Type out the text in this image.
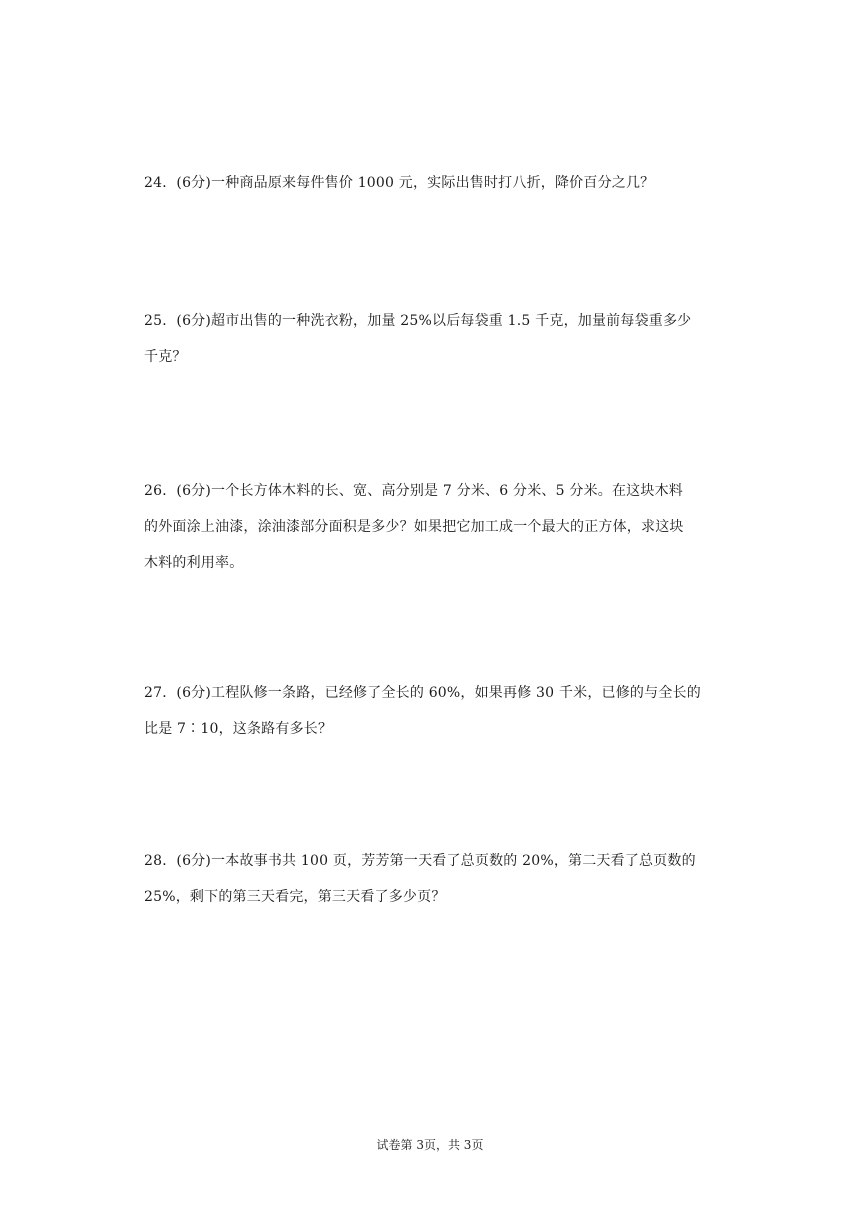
24．(6分)一种商品原来每件售价 1000 元，实际出售时打八折，降价百分之几？
25．(6分)超市出售的一种洗衣粉，加量 25%以后每袋重 1.5 千克，加量前每袋重多少
千克？
26．(6分)一个长方体木料的长、宽、高分别是 7 分米、6 分米、5 分米。在这块木料
的外面涂上油漆，涂油漆部分面积是多少？如果把它加工成一个最大的正方体，求这块
木料的利用率。
27．(6分)工程队修一条路，已经修了全长的 60%，如果再修 30 千米，已修的与全长的
比是 7∶10，这条路有多长？
28．(6分)一本故事书共 100 页，芳芳第一天看了总页数的 20%，第二天看了总页数的
25%，剩下的第三天看完，第三天看了多少页？
试卷第 3页，共 3页
